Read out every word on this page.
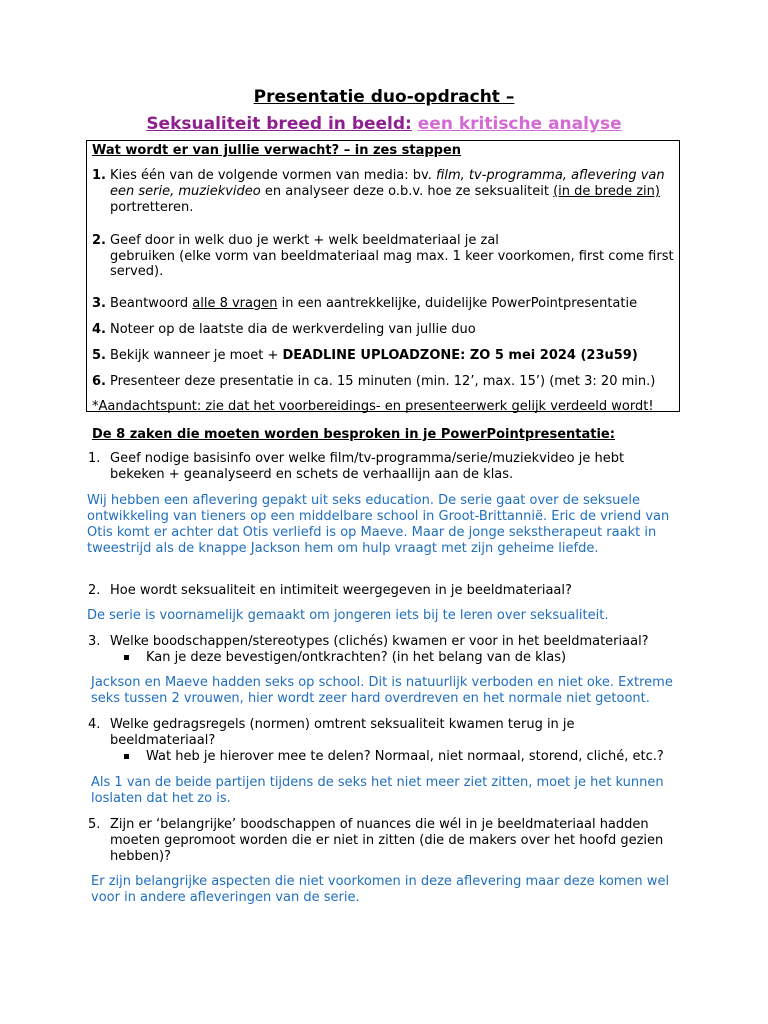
Presentatie duo-opdracht –
Seksualiteit breed in beeld: een kritische analyse
Wat wordt er van jullie verwacht? – in zes stappen
1. Kies één van de volgende vormen van media: bv. film, tv-programma, aflevering van
een serie, muziekvideo en analyseer deze o.b.v. hoe ze seksualiteit (in de brede zin)
portretteren.
2. Geef door in welk duo je werkt + welk beeldmateriaal je zal
gebruiken (elke vorm van beeldmateriaal mag max. 1 keer voorkomen, first come first
served).
3. Beantwoord alle 8 vragen in een aantrekkelijke, duidelijke PowerPointpresentatie
4. Noteer op de laatste dia de werkverdeling van jullie duo
5. Bekijk wanneer je moet + DEADLINE UPLOADZONE: ZO 5 mei 2024 (23u59)
6. Presenteer deze presentatie in ca. 15 minuten (min. 12’, max. 15’) (met 3: 20 min.)
*Aandachtspunt: zie dat het voorbereidings- en presenteerwerk gelijk verdeeld wordt!
De 8 zaken die moeten worden besproken in je PowerPointpresentatie:
1. Geef nodige basisinfo over welke film/tv-programma/serie/muziekvideo je hebt
bekeken + geanalyseerd en schets de verhaallijn aan de klas.
Wij hebben een aflevering gepakt uit seks education. De serie gaat over de seksuele
ontwikkeling van tieners op een middelbare school in Groot-Brittannië. Eric de vriend van
Otis komt er achter dat Otis verliefd is op Maeve. Maar de jonge sekstherapeut raakt in
tweestrijd als de knappe Jackson hem om hulp vraagt met zijn geheime liefde.
2. Hoe wordt seksualiteit en intimiteit weergegeven in je beeldmateriaal?
De serie is voornamelijk gemaakt om jongeren iets bij te leren over seksualiteit.
3. Welke boodschappen/stereotypes (clichés) kwamen er voor in het beeldmateriaal?
Kan je deze bevestigen/ontkrachten? (in het belang van de klas)
Jackson en Maeve hadden seks op school. Dit is natuurlijk verboden en niet oke. Extreme
seks tussen 2 vrouwen, hier wordt zeer hard overdreven en het normale niet getoont.
4. Welke gedragsregels (normen) omtrent seksualiteit kwamen terug in je
beeldmateriaal?
Wat heb je hierover mee te delen? Normaal, niet normaal, storend, cliché, etc.?
Als 1 van de beide partijen tijdens de seks het niet meer ziet zitten, moet je het kunnen
loslaten dat het zo is.
5. Zijn er ‘belangrijke’ boodschappen of nuances die wél in je beeldmateriaal hadden
moeten gepromoot worden die er niet in zitten (die de makers over het hoofd gezien
hebben)?
Er zijn belangrijke aspecten die niet voorkomen in deze aflevering maar deze komen wel
voor in andere afleveringen van de serie.
